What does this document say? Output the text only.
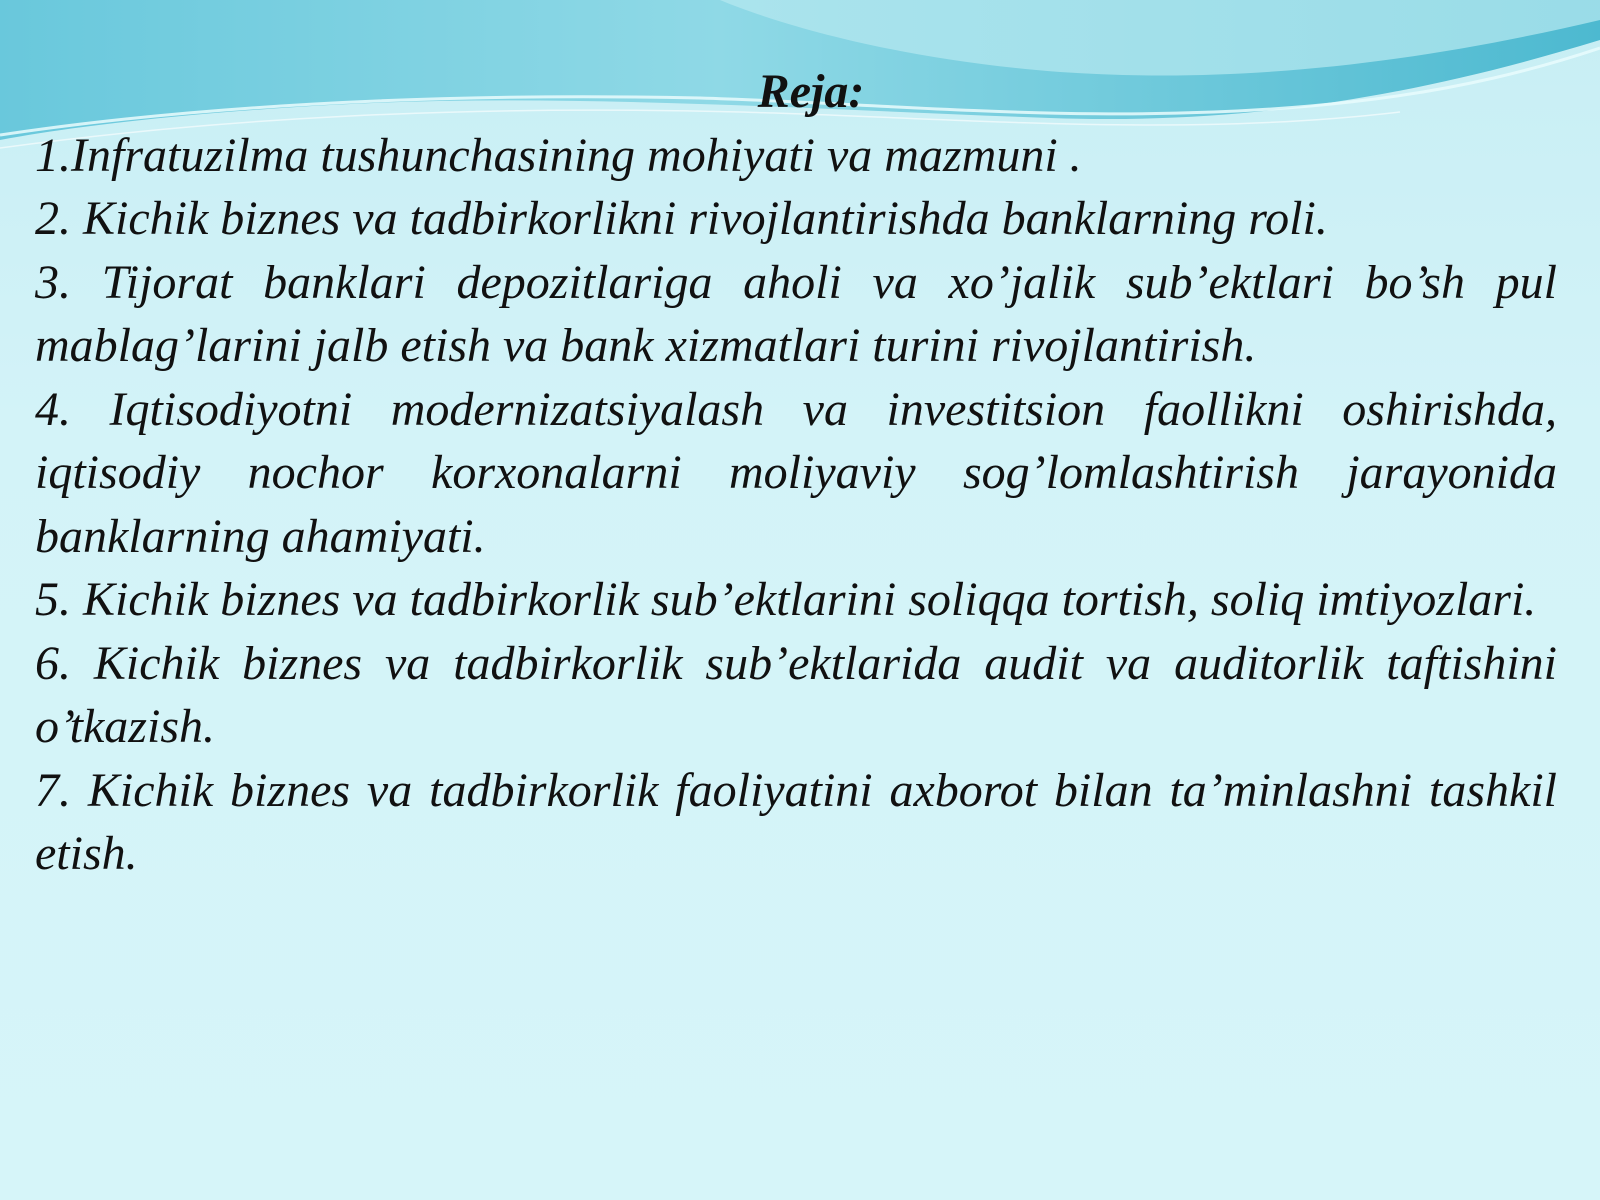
Reja:

1.Infratuzilma tushunchasining mohiyati va mazmuni .
2. Kichik biznes va tadbirkorlikni rivojlantirishda banklarning roli.
3. Tijorat banklari depozitlariga aholi va xo’jalik sub’ektlari bo’sh pul mablag’larini jalb etish va bank xizmatlari turini rivojlantirish.
4. Iqtisodiyotni modernizatsiyalash va investitsion faollikni oshirishda, iqtisodiy nochor korxonalarni moliyaviy sog’lomlashtirish jarayonida banklarning ahamiyati.
5. Kichik biznes va tadbirkorlik sub’ektlarini soliqqa tortish, soliq imtiyozlari.
6. Kichik biznes va tadbirkorlik sub’ektlarida audit va auditorlik taftishini o’tkazish.
7. Kichik biznes va tadbirkorlik faoliyatini axborot bilan ta’minlashni tashkil etish.
